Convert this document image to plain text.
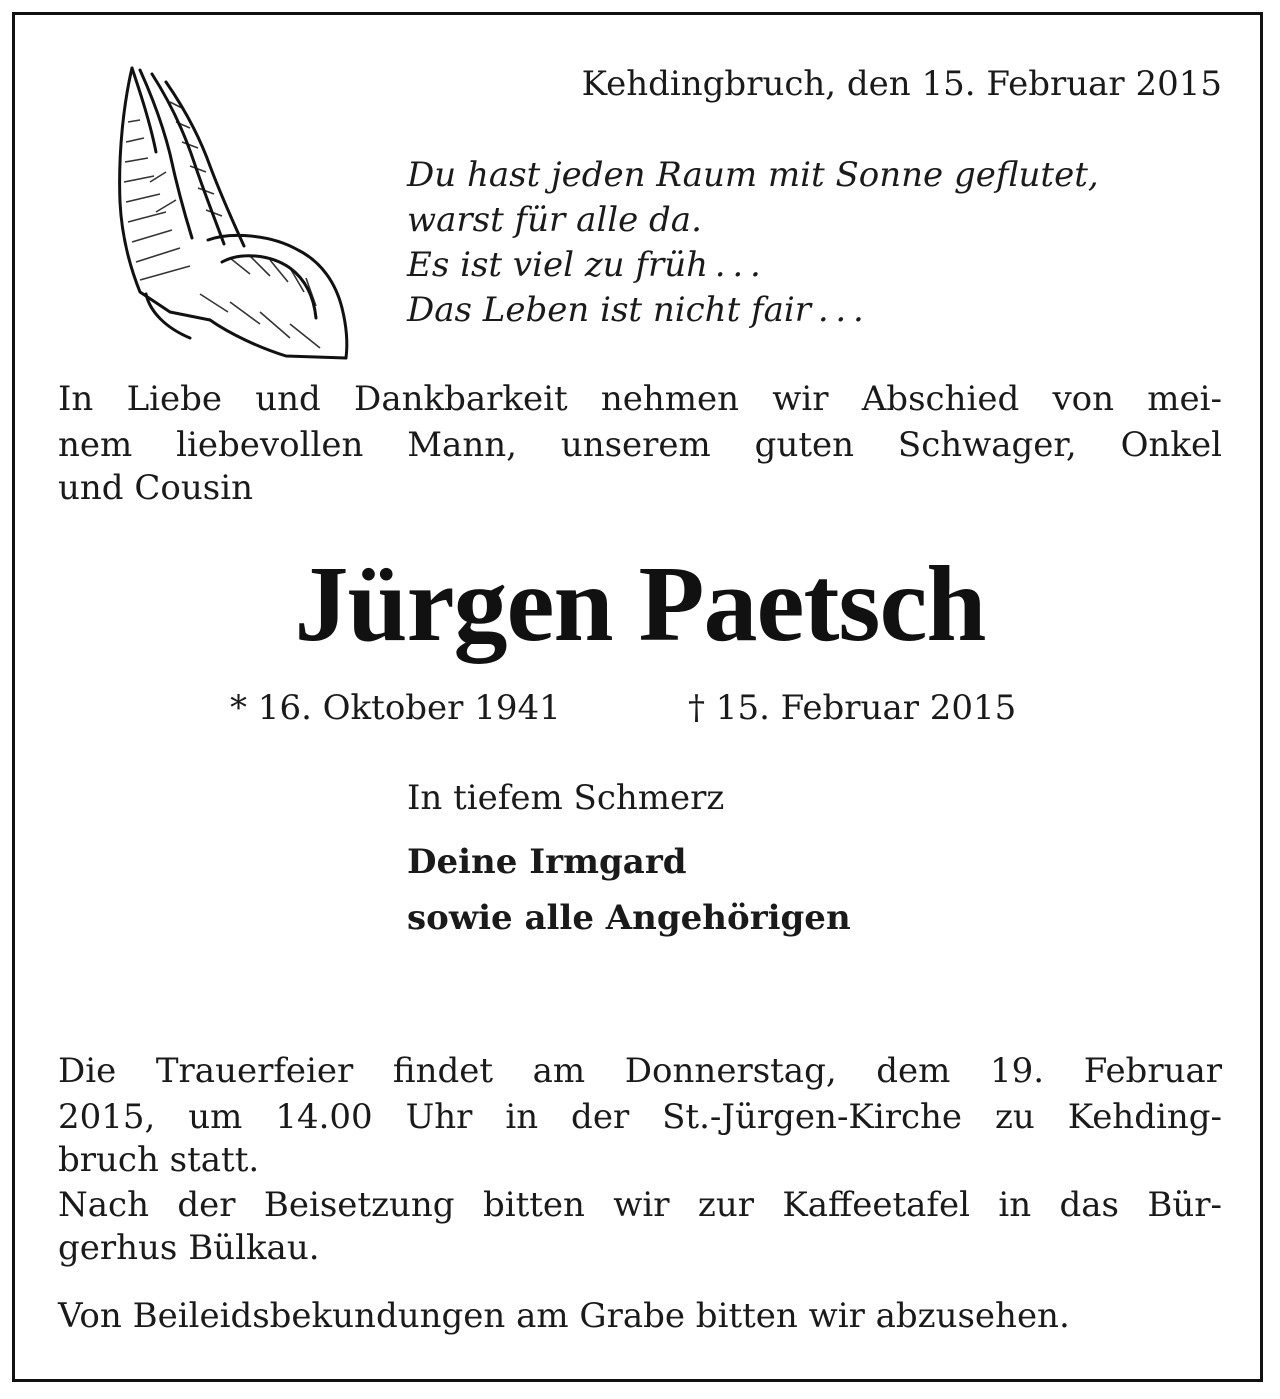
Kehdingbruch, den 15. Februar 2015
Du hast jeden Raum mit Sonne geflutet,
warst für alle da.
Es ist viel zu früh . . .
Das Leben ist nicht fair . . .
In Liebe und Dankbarkeit nehmen wir Abschied von mei-
nem liebevollen Mann, unserem guten Schwager, Onkel
und Cousin
Jürgen Paetsch
* 16. Oktober 1941	† 15. Februar 2015
In tiefem Schmerz
Deine Irmgard
sowie alle Angehörigen
Die Trauerfeier findet am Donnerstag, dem 19. Februar
2015, um 14.00 Uhr in der St.-Jürgen-Kirche zu Kehding-
bruch statt.
Nach der Beisetzung bitten wir zur Kaffeetafel in das Bür-
gerhus Bülkau.
Von Beileidsbekundungen am Grabe bitten wir abzusehen.
